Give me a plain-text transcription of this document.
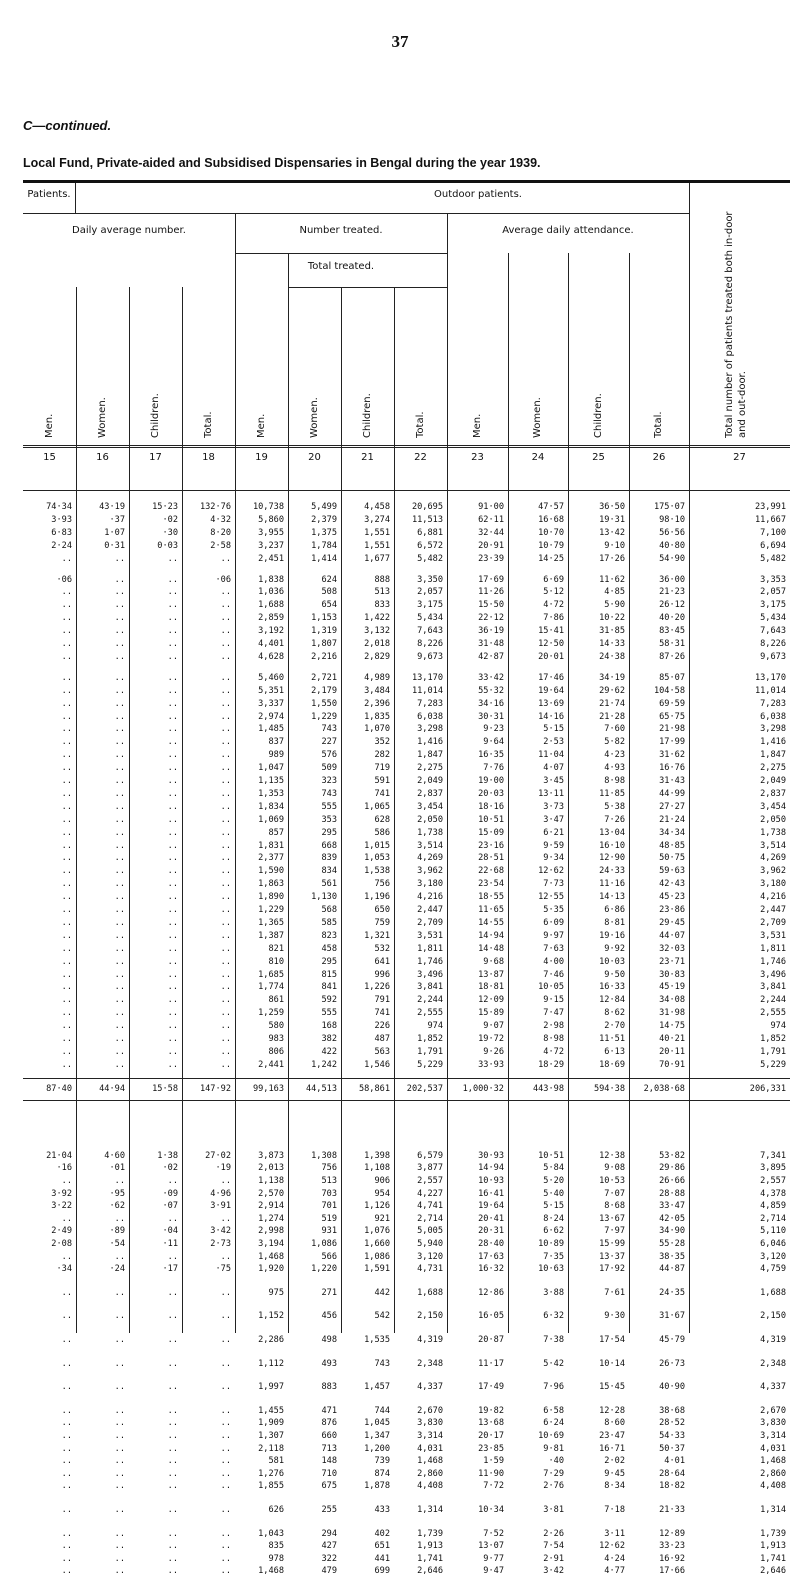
37
C—continued.
Local Fund, Private-aided and Subsidised Dispensaries in Bengal during the year 1939.
Patients.	Outdoor patients.
Daily average number.	Number treated.	Average daily attendance.
Total treated.
Men.	Women.	Children.	Total.	Men.	Women.	Children.	Total.	Men.	Women.	Children.	Total.	Total number of patients treated both in-door and out-door.
15	16	17	18	19	20	21	22	23	24	25	26	27
74·34	43·19	15·23	132·76	10,738	5,499	4,458	20,695	91·00	47·57	36·50	175·07	23,991
3·93	·37	·02	4·32	5,860	2,379	3,274	11,513	62·11	16·68	19·31	98·10	11,667
6·83	1·07	·30	8·20	3,955	1,375	1,551	6,881	32·44	10·70	13·42	56·56	7,100
2·24	0·31	0·03	2·58	3,237	1,784	1,551	6,572	20·91	10·79	9·10	40·80	6,694
..	..	..	..	2,451	1,414	1,677	5,482	23·39	14·25	17·26	54·90	5,482
·06	..	..	·06	1,838	624	888	3,350	17·69	6·69	11·62	36·00	3,353
..	..	..	..	1,036	508	513	2,057	11·26	5·12	4·85	21·23	2,057
..	..	..	..	1,688	654	833	3,175	15·50	4·72	5·90	26·12	3,175
..	..	..	..	2,859	1,153	1,422	5,434	22·12	7·86	10·22	40·20	5,434
..	..	..	..	3,192	1,319	3,132	7,643	36·19	15·41	31·85	83·45	7,643
..	..	..	..	4,401	1,807	2,018	8,226	31·48	12·50	14·33	58·31	8,226
..	..	..	..	4,628	2,216	2,829	9,673	42·87	20·01	24·38	87·26	9,673
..	..	..	..	5,460	2,721	4,989	13,170	33·42	17·46	34·19	85·07	13,170
..	..	..	..	5,351	2,179	3,484	11,014	55·32	19·64	29·62	104·58	11,014
..	..	..	..	3,337	1,550	2,396	7,283	34·16	13·69	21·74	69·59	7,283
..	..	..	..	2,974	1,229	1,835	6,038	30·31	14·16	21·28	65·75	6,038
..	..	..	..	1,485	743	1,070	3,298	9·23	5·15	7·60	21·98	3,298
..	..	..	..	837	227	352	1,416	9·64	2·53	5·82	17·99	1,416
..	..	..	..	989	576	282	1,847	16·35	11·04	4·23	31·62	1,847
..	..	..	..	1,047	509	719	2,275	7·76	4·07	4·93	16·76	2,275
..	..	..	..	1,135	323	591	2,049	19·00	3·45	8·98	31·43	2,049
..	..	..	..	1,353	743	741	2,837	20·03	13·11	11·85	44·99	2,837
..	..	..	..	1,834	555	1,065	3,454	18·16	3·73	5·38	27·27	3,454
..	..	..	..	1,069	353	628	2,050	10·51	3·47	7·26	21·24	2,050
..	..	..	..	857	295	586	1,738	15·09	6·21	13·04	34·34	1,738
..	..	..	..	1,831	668	1,015	3,514	23·16	9·59	16·10	48·85	3,514
..	..	..	..	2,377	839	1,053	4,269	28·51	9·34	12·90	50·75	4,269
..	..	..	..	1,590	834	1,538	3,962	22·68	12·62	24·33	59·63	3,962
..	..	..	..	1,863	561	756	3,180	23·54	7·73	11·16	42·43	3,180
..	..	..	..	1,890	1,130	1,196	4,216	18·55	12·55	14·13	45·23	4,216
..	..	..	..	1,229	568	650	2,447	11·65	5·35	6·86	23·86	2,447
..	..	..	..	1,365	585	759	2,709	14·55	6·09	8·81	29·45	2,709
..	..	..	..	1,387	823	1,321	3,531	14·94	9·97	19·16	44·07	3,531
..	..	..	..	821	458	532	1,811	14·48	7·63	9·92	32·03	1,811
..	..	..	..	810	295	641	1,746	9·68	4·00	10·03	23·71	1,746
..	..	..	..	1,685	815	996	3,496	13·87	7·46	9·50	30·83	3,496
..	..	..	..	1,774	841	1,226	3,841	18·81	10·05	16·33	45·19	3,841
..	..	..	..	861	592	791	2,244	12·09	9·15	12·84	34·08	2,244
..	..	..	..	1,259	555	741	2,555	15·89	7·47	8·62	31·98	2,555
..	..	..	..	580	168	226	974	9·07	2·98	2·70	14·75	974
..	..	..	..	983	382	487	1,852	19·72	8·98	11·51	40·21	1,852
..	..	..	..	806	422	563	1,791	9·26	4·72	6·13	20·11	1,791
..	..	..	..	2,441	1,242	1,546	5,229	33·93	18·29	18·69	70·91	5,229
87·40	44·94	15·58	147·92	99,163	44,513	58,861	202,537	1,000·32	443·98	594·38	2,038·68	206,331
21·04	4·60	1·38	27·02	3,873	1,308	1,398	6,579	30·93	10·51	12·38	53·82	7,341
·16	·01	·02	·19	2,013	756	1,108	3,877	14·94	5·84	9·08	29·86	3,895
..	..	..	..	1,138	513	906	2,557	10·93	5·20	10·53	26·66	2,557
3·92	·95	·09	4·96	2,570	703	954	4,227	16·41	5·40	7·07	28·88	4,378
3·22	·62	·07	3·91	2,914	701	1,126	4,741	19·64	5·15	8·68	33·47	4,859
..	..	..	..	1,274	519	921	2,714	20·41	8·24	13·67	42·05	2,714
2·49	·89	·04	3·42	2,998	931	1,076	5,005	20·31	6·62	7·97	34·90	5,110
2·08	·54	·11	2·73	3,194	1,086	1,660	5,940	28·40	10·89	15·99	55·28	6,046
..	..	..	..	1,468	566	1,086	3,120	17·63	7·35	13·37	38·35	3,120
·34	·24	·17	·75	1,920	1,220	1,591	4,731	16·32	10·63	17·92	44·87	4,759
..	..	..	..	975	271	442	1,688	12·86	3·88	7·61	24·35	1,688
..	..	..	..	1,152	456	542	2,150	16·05	6·32	9·30	31·67	2,150
..	..	..	..	2,286	498	1,535	4,319	20·87	7·38	17·54	45·79	4,319
..	..	..	..	1,112	493	743	2,348	11·17	5·42	10·14	26·73	2,348
..	..	..	..	1,997	883	1,457	4,337	17·49	7·96	15·45	40·90	4,337
..	..	..	..	1,455	471	744	2,670	19·82	6·58	12·28	38·68	2,670
..	..	..	..	1,909	876	1,045	3,830	13·68	6·24	8·60	28·52	3,830
..	..	..	..	1,307	660	1,347	3,314	20·17	10·69	23·47	54·33	3,314
..	..	..	..	2,118	713	1,200	4,031	23·85	9·81	16·71	50·37	4,031
..	..	..	..	581	148	739	1,468	1·59	·40	2·02	4·01	1,468
..	..	..	..	1,276	710	874	2,860	11·90	7·29	9·45	28·64	2,860
..	..	..	..	1,855	675	1,878	4,408	7·72	2·76	8·34	18·82	4,408
..	..	..	..	626	255	433	1,314	10·34	3·81	7·18	21·33	1,314
..	..	..	..	1,043	294	402	1,739	7·52	2·26	3·11	12·89	1,739
..	..	..	..	835	427	651	1,913	13·07	7·54	12·62	33·23	1,913
..	..	..	..	978	322	441	1,741	9·77	2·91	4·24	16·92	1,741
..	..	..	..	1,468	479	699	2,646	9·47	3·42	4·77	17·66	2,646
